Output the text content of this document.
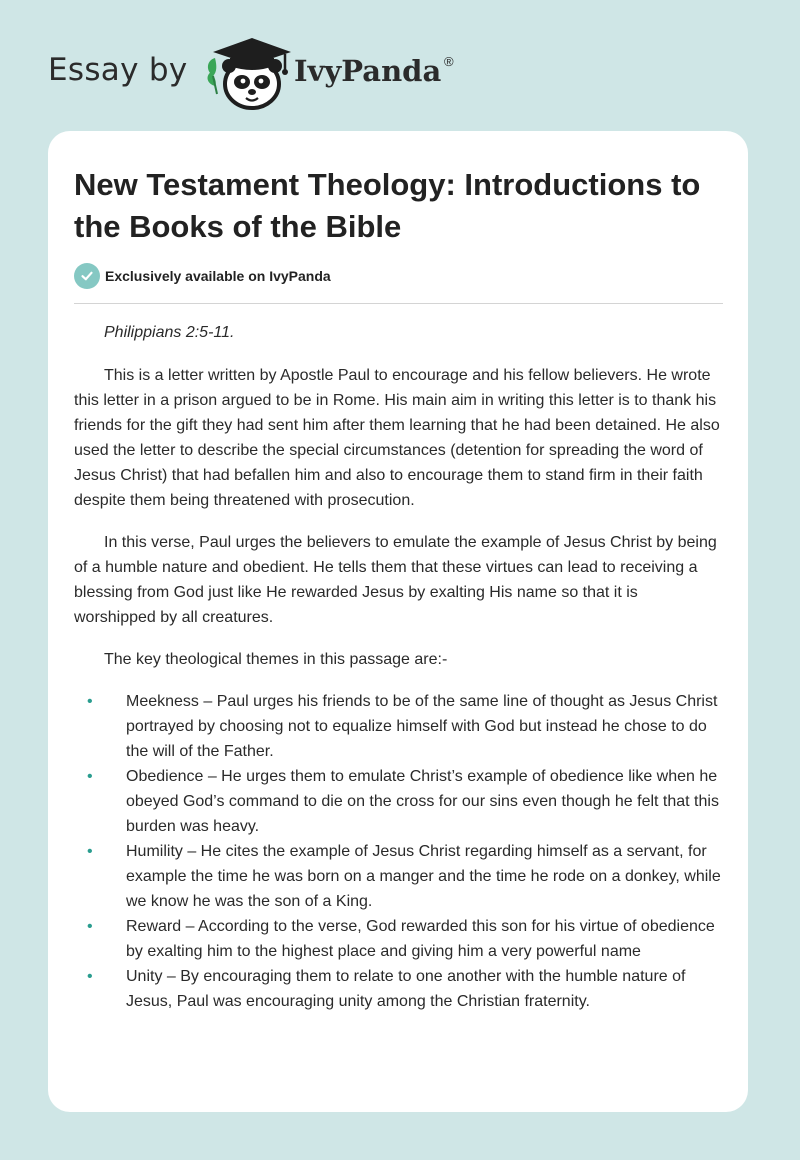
Essay by	IvyPanda ®
New Testament Theology: Introductions to the Books of the Bible
Exclusively available on IvyPanda

Philippians 2:5-11.

This is a letter written by Apostle Paul to encourage and his fellow believers. He wrote this letter in a prison argued to be in Rome. His main aim in writing this letter is to thank his friends for the gift they had sent him after them learning that he had been detained. He also used the letter to describe the special circumstances (detention for spreading the word of Jesus Christ) that had befallen him and also to encourage them to stand firm in their faith despite them being threatened with prosecution.

In this verse, Paul urges the believers to emulate the example of Jesus Christ by being of a humble nature and obedient. He tells them that these virtues can lead to receiving a blessing from God just like He rewarded Jesus by exalting His name so that it is worshipped by all creatures.

The key theological themes in this passage are:-

• Meekness – Paul urges his friends to be of the same line of thought as Jesus Christ portrayed by choosing not to equalize himself with God but instead he chose to do the will of the Father.
• Obedience – He urges them to emulate Christ’s example of obedience like when he obeyed God’s command to die on the cross for our sins even though he felt that this burden was heavy.
• Humility – He cites the example of Jesus Christ regarding himself as a servant, for example the time he was born on a manger and the time he rode on a donkey, while we know he was the son of a King.
• Reward – According to the verse, God rewarded this son for his virtue of obedience by exalting him to the highest place and giving him a very powerful name
• Unity – By encouraging them to relate to one another with the humble nature of Jesus, Paul was encouraging unity among the Christian fraternity.
